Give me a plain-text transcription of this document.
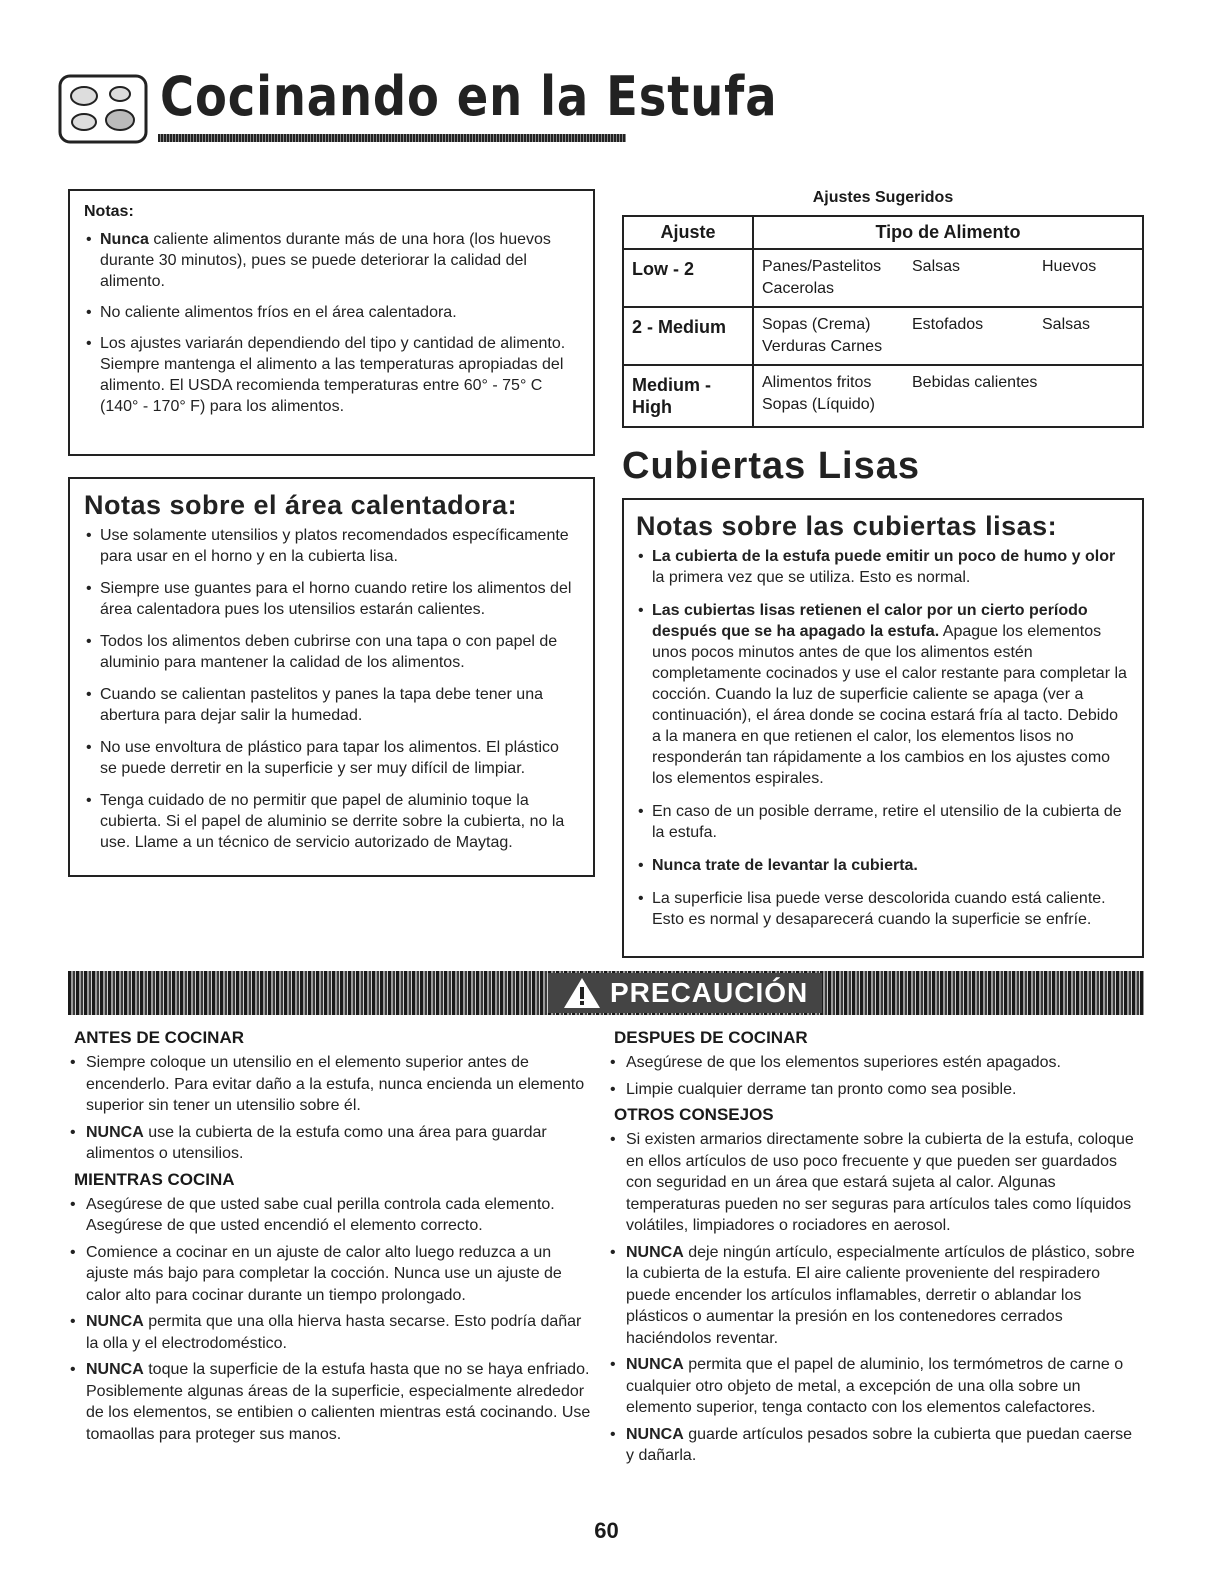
Cocinando en la Estufa
Notas:
• Nunca caliente alimentos durante más de una hora (los huevos durante 30 minutos), pues se puede deteriorar la calidad del alimento.
• No caliente alimentos fríos en el área calentadora.
• Los ajustes variarán dependiendo del tipo y cantidad de alimento. Siempre mantenga el alimento a las temperaturas apropiadas del alimento. El USDA recomienda temperaturas entre 60° - 75° C (140° - 170° F) para los alimentos.
Notas sobre el área calentadora:
• Use solamente utensilios y platos recomendados específicamente para usar en el horno y en la cubierta lisa.
• Siempre use guantes para el horno cuando retire los alimentos del área calentadora pues los utensilios estarán calientes.
• Todos los alimentos deben cubrirse con una tapa o con papel de aluminio para mantener la calidad de los alimentos.
• Cuando se calientan pastelitos y panes la tapa debe tener una abertura para dejar salir la humedad.
• No use envoltura de plástico para tapar los alimentos. El plástico se puede derretir en la superficie y ser muy difícil de limpiar.
• Tenga cuidado de no permitir que papel de aluminio toque la cubierta. Si el papel de aluminio se derrite sobre la cubierta, no la use. Llame a un técnico de servicio autorizado de Maytag.
Ajustes Sugeridos
Ajuste	Tipo de Alimento
Low - 2	Panes/Pastelitos Salsas Huevos
Cacerolas

2 - Medium	Sopas (Crema) Estofados Salsas
Verduras Carnes

Medium - High	Alimentos fritos Bebidas calientes
Sopas (Líquido)
Cubiertas Lisas
Notas sobre las cubiertas lisas:
• La cubierta de la estufa puede emitir un poco de humo y olor la primera vez que se utiliza. Esto es normal.
• Las cubiertas lisas retienen el calor por un cierto período después que se ha apagado la estufa. Apague los elementos unos pocos minutos antes de que los alimentos estén completamente cocinados y use el calor restante para completar la cocción. Cuando la luz de superficie caliente se apaga (ver a continuación), el área donde se cocina estará fría al tacto. Debido a la manera en que retienen el calor, los elementos lisos no responderán tan rápidamente a los cambios en los ajustes como los elementos espirales.
• En caso de un posible derrame, retire el utensilio de la cubierta de la estufa.
• Nunca trate de levantar la cubierta.
• La superficie lisa puede verse descolorida cuando está caliente. Esto es normal y desaparecerá cuando la superficie se enfríe.
PRECAUCIÓN
ANTES DE COCINAR
• Siempre coloque un utensilio en el elemento superior antes de encenderlo. Para evitar daño a la estufa, nunca encienda un elemento superior sin tener un utensilio sobre él.
• NUNCA use la cubierta de la estufa como una área para guardar alimentos o utensilios.
MIENTRAS COCINA
• Asegúrese de que usted sabe cual perilla controla cada elemento. Asegúrese de que usted encendió el elemento correcto.
• Comience a cocinar en un ajuste de calor alto luego reduzca a un ajuste más bajo para completar la cocción. Nunca use un ajuste de calor alto para cocinar durante un tiempo prolongado.
• NUNCA permita que una olla hierva hasta secarse. Esto podría dañar la olla y el electrodoméstico.
• NUNCA toque la superficie de la estufa hasta que no se haya enfriado. Posiblemente algunas áreas de la superficie, especialmente alrededor de los elementos, se entibien o calienten mientras está cocinando. Use tomaollas para proteger sus manos.
DESPUES DE COCINAR
• Asegúrese de que los elementos superiores estén apagados.
• Limpie cualquier derrame tan pronto como sea posible.
OTROS CONSEJOS
• Si existen armarios directamente sobre la cubierta de la estufa, coloque en ellos artículos de uso poco frecuente y que pueden ser guardados con seguridad en un área que estará sujeta al calor. Algunas temperaturas pueden no ser seguras para artículos tales como líquidos volátiles, limpiadores o rociadores en aerosol.
• NUNCA deje ningún artículo, especialmente artículos de plástico, sobre la cubierta de la estufa. El aire caliente proveniente del respiradero puede encender los artículos inflamables, derretir o ablandar los plásticos o aumentar la presión en los contenedores cerrados haciéndolos reventar.
• NUNCA permita que el papel de aluminio, los termómetros de carne o cualquier otro objeto de metal, a excepción de una olla sobre un elemento superior, tenga contacto con los elementos calefactores.
• NUNCA guarde artículos pesados sobre la cubierta que puedan caerse y dañarla.
60
